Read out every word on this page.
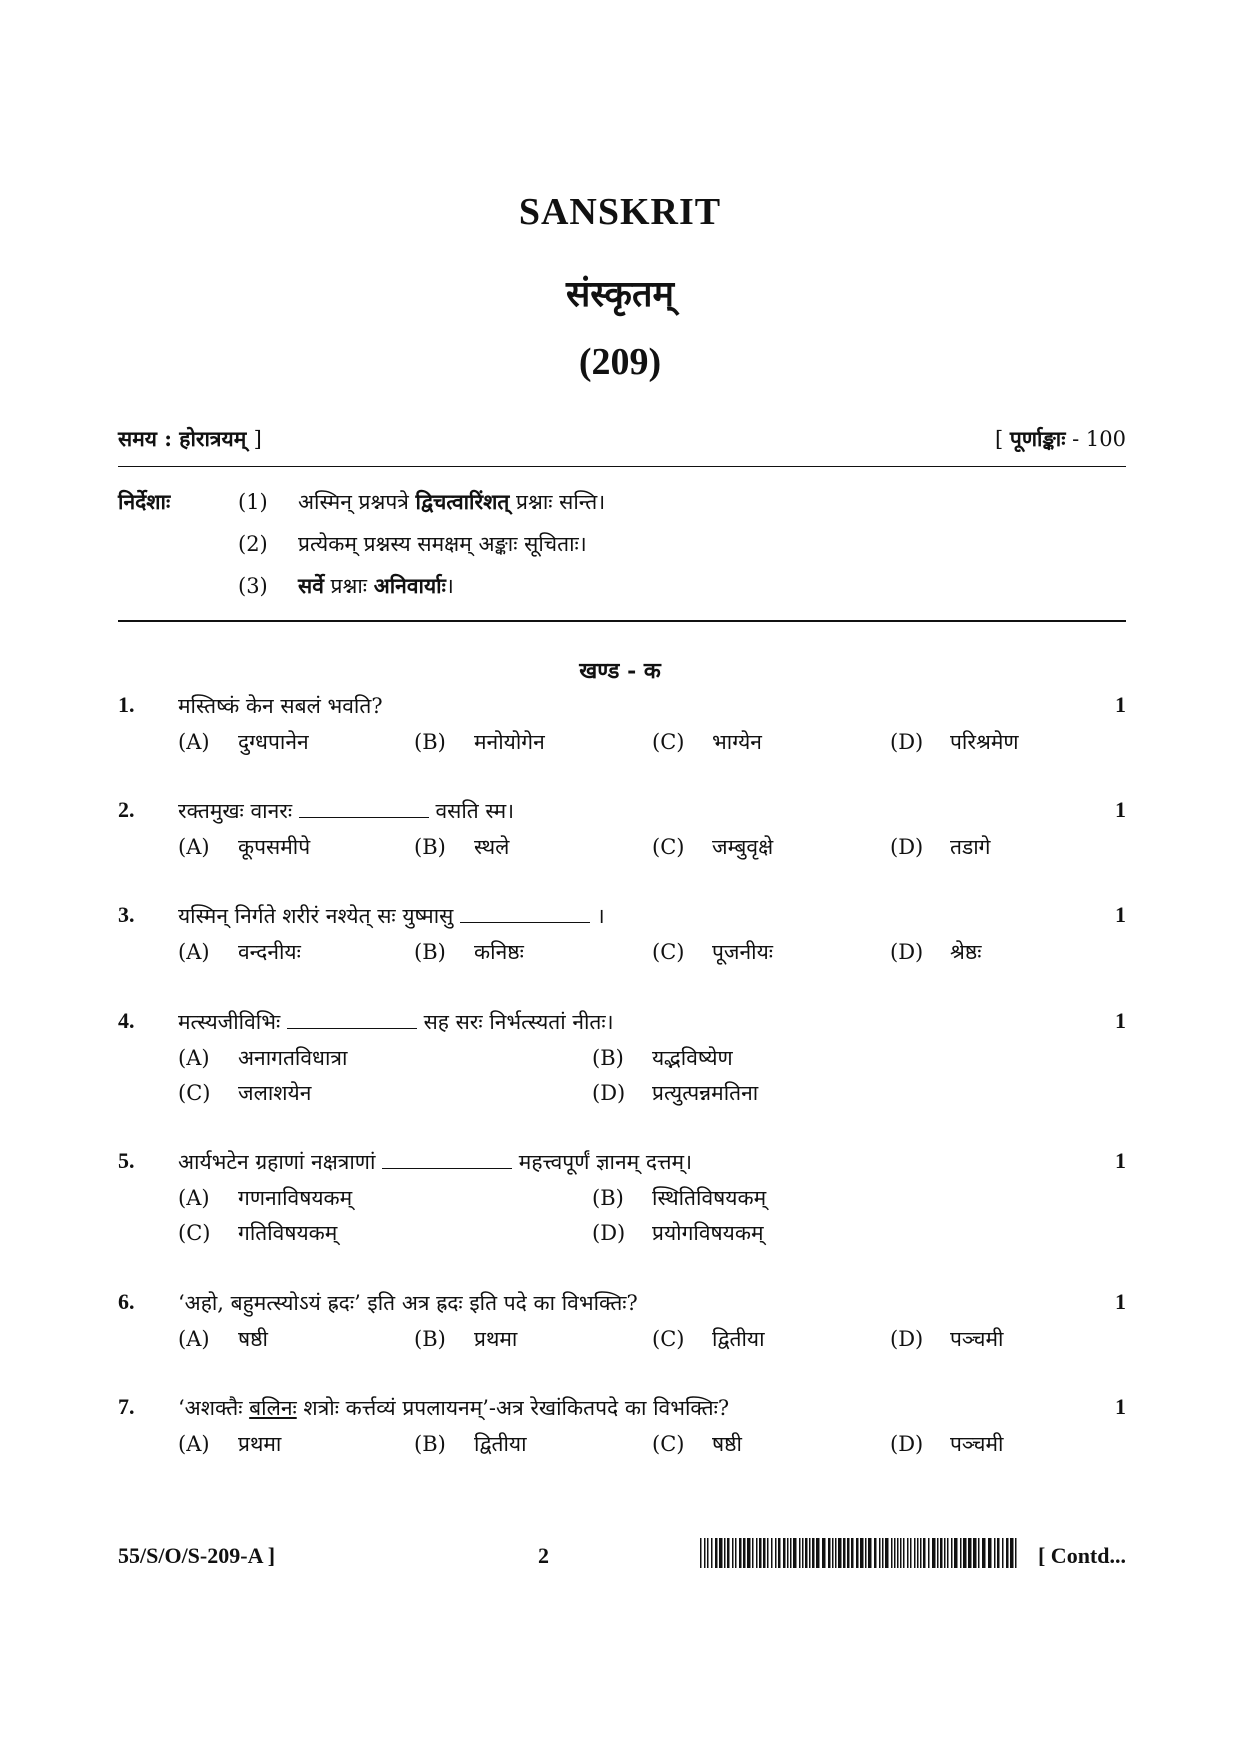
SANSKRIT
संस्कृतम्
(209)
समय : होरात्रयम् ]	[ पूर्णाङ्काः - 100
निर्देशाः	(1) अस्मिन् प्रश्नपत्रे द्विचत्वारिंशत् प्रश्नाः सन्ति।
(2) प्रत्येकम् प्रश्नस्य समक्षम् अङ्काः सूचिताः।
(3) सर्वे प्रश्नाः अनिवार्याः।
खण्ड - क
1. मस्तिष्कं केन सबलं भवति?	1
(A) दुग्धपानेन	(B) मनोयोगेन	(C) भाग्येन	(D) परिश्रमेण
2. रक्तमुखः वानरः	वसति स्म।	1
(A) कूपसमीपे	(B) स्थले	(C) जम्बुवृक्षे	(D) तडागे
3. यस्मिन् निर्गते शरीरं नश्येत् सः युष्मासु	।	1
(A) वन्दनीयः	(B) कनिष्ठः	(C) पूजनीयः	(D) श्रेष्ठः
4. मत्स्यजीविभिः	सह सरः निर्भत्स्यतां नीतः।	1
(A) अनागतविधात्रा	(B) यद्भविष्येण
(C) जलाशयेन	(D) प्रत्युत्पन्नमतिना
5. आर्यभटेन ग्रहाणां नक्षत्राणां	महत्त्वपूर्णं ज्ञानम् दत्तम्।	1
(A) गणनाविषयकम्	(B) स्थितिविषयकम्
(C) गतिविषयकम्	(D) प्रयोगविषयकम्
6. ‘अहो, बहुमत्स्योऽयं ह्रदः’ इति अत्र ह्रदः इति पदे का विभक्तिः?	1
(A) षष्ठी	(B) प्रथमा	(C) द्वितीया	(D) पञ्चमी
7. ‘अशक्तैः बलिनः शत्रोः कर्त्तव्यं प्रपलायनम्’-अत्र रेखांकितपदे का विभक्तिः?	1
(A) प्रथमा	(B) द्वितीया	(C) षष्ठी	(D) पञ्चमी
55/S/O/S-209-A ]	2	[ Contd...
